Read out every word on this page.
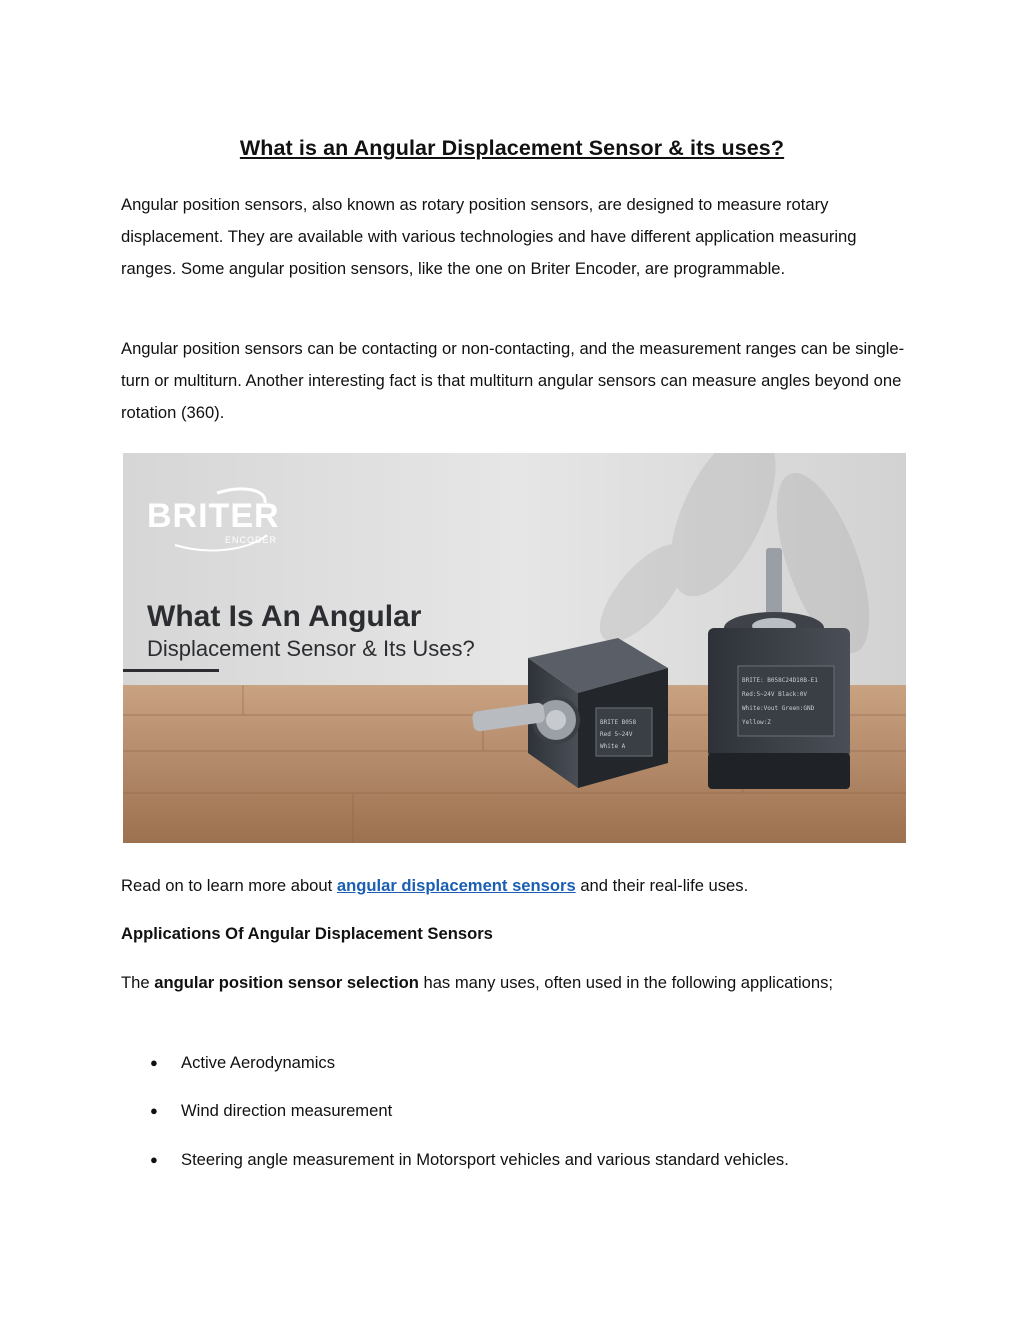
What is an Angular Displacement Sensor & its uses?

Angular position sensors, also known as rotary position sensors, are designed to measure rotary displacement. They are available with various technologies and have different application measuring ranges. Some angular position sensors, like the one on Briter Encoder, are programmable.

Angular position sensors can be contacting or non-contacting, and the measurement ranges can be single-turn or multiturn. Another interesting fact is that multiturn angular sensors can measure angles beyond one rotation (360).

BRITER
ENCODER
What Is An Angular
Displacement Sensor & Its Uses?
BRITE B058
Red 5~24V
White A
BRITE: B058C24D10B-E1
Red:5~24V Black:0V
White:Vout Green:GND
Yellow:Z

Read on to learn more about angular displacement sensors and their real-life uses.

Applications Of Angular Displacement Sensors

The angular position sensor selection has many uses, often used in the following applications;

● Active Aerodynamics
● Wind direction measurement
● Steering angle measurement in Motorsport vehicles and various standard vehicles.
